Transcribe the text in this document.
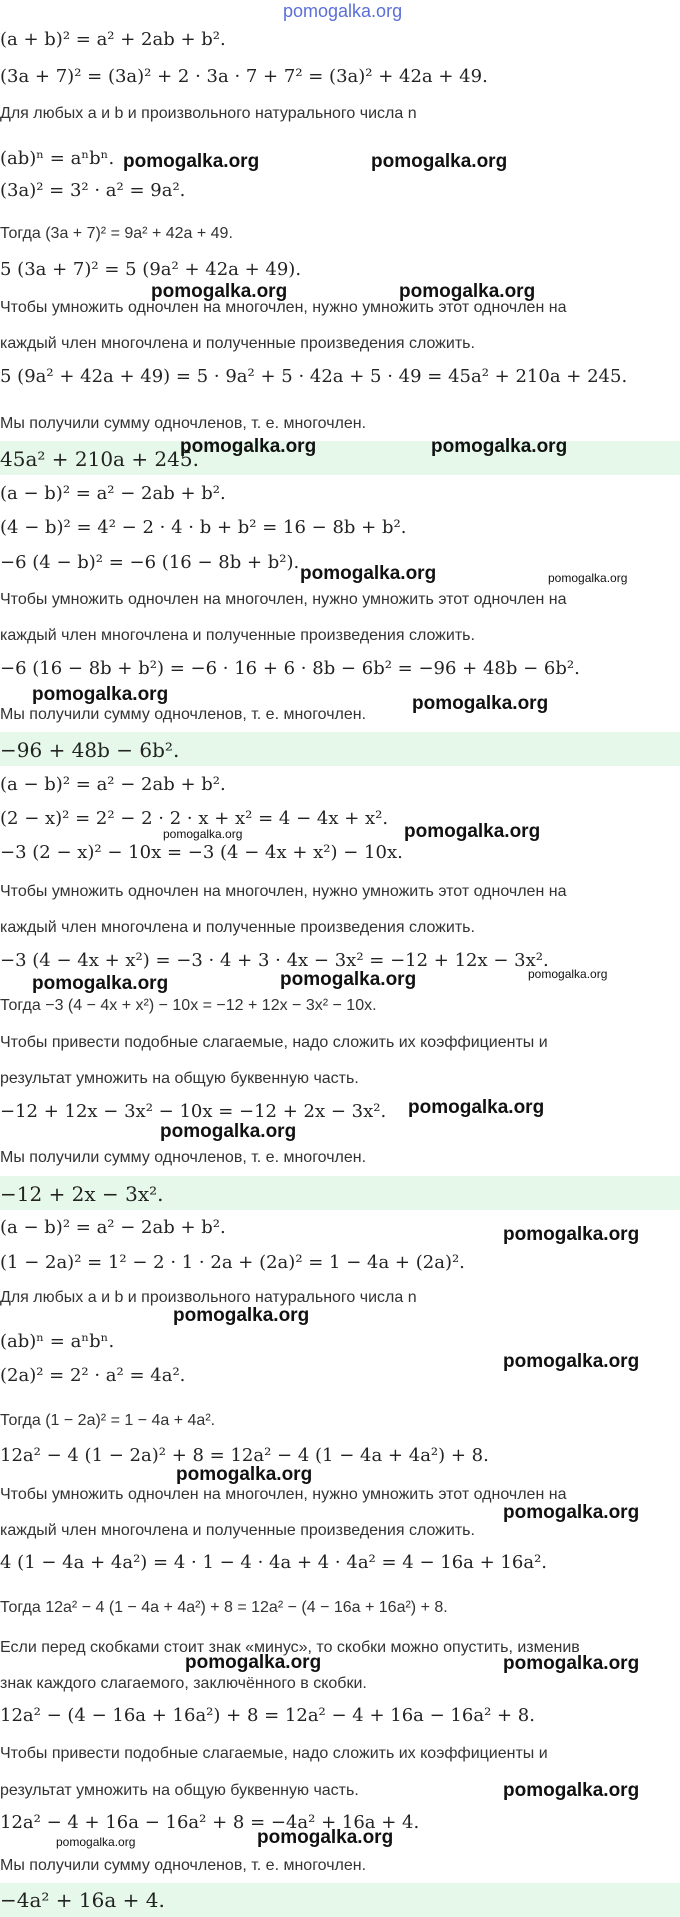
pomogalka.org
(a + b)² = a² + 2ab + b².
(3a + 7)² = (3a)² + 2 · 3a · 7 + 7² = (3a)² + 42a + 49.
Для любых a и b и произвольного натурального числа n
(ab)ⁿ = aⁿbⁿ.
(3a)² = 3² · a² = 9a².
Тогда (3a + 7)² = 9a² + 42a + 49.
5 (3a + 7)² = 5 (9a² + 42a + 49).
Чтобы умножить одночлен на многочлен, нужно умножить этот одночлен на
каждый член многочлена и полученные произведения сложить.
5 (9a² + 42a + 49) = 5 · 9a² + 5 · 42a + 5 · 49 = 45a² + 210a + 245.
Мы получили сумму одночленов, т. е. многочлен.
45a² + 210a + 245.
(a − b)² = a² − 2ab + b².
(4 − b)² = 4² − 2 · 4 · b + b² = 16 − 8b + b².
−6 (4 − b)² = −6 (16 − 8b + b²).
Чтобы умножить одночлен на многочлен, нужно умножить этот одночлен на
каждый член многочлена и полученные произведения сложить.
−6 (16 − 8b + b²) = −6 · 16 + 6 · 8b − 6b² = −96 + 48b − 6b².
Мы получили сумму одночленов, т. е. многочлен.
−96 + 48b − 6b².
(a − b)² = a² − 2ab + b².
(2 − x)² = 2² − 2 · 2 · x + x² = 4 − 4x + x².
−3 (2 − x)² − 10x = −3 (4 − 4x + x²) − 10x.
Чтобы умножить одночлен на многочлен, нужно умножить этот одночлен на
каждый член многочлена и полученные произведения сложить.
−3 (4 − 4x + x²) = −3 · 4 + 3 · 4x − 3x² = −12 + 12x − 3x².
Тогда −3 (4 − 4x + x²) − 10x = −12 + 12x − 3x² − 10x.
Чтобы привести подобные слагаемые, надо сложить их коэффициенты и
результат умножить на общую буквенную часть.
−12 + 12x − 3x² − 10x = −12 + 2x − 3x².
Мы получили сумму одночленов, т. е. многочлен.
−12 + 2x − 3x².
(a − b)² = a² − 2ab + b².
(1 − 2a)² = 1² − 2 · 1 · 2a + (2a)² = 1 − 4a + (2a)².
Для любых a и b и произвольного натурального числа n
(ab)ⁿ = aⁿbⁿ.
(2a)² = 2² · a² = 4a².
Тогда (1 − 2a)² = 1 − 4a + 4a².
12a² − 4 (1 − 2a)² + 8 = 12a² − 4 (1 − 4a + 4a²) + 8.
Чтобы умножить одночлен на многочлен, нужно умножить этот одночлен на
каждый член многочлена и полученные произведения сложить.
4 (1 − 4a + 4a²) = 4 · 1 − 4 · 4a + 4 · 4a² = 4 − 16a + 16a².
Тогда 12a² − 4 (1 − 4a + 4a²) + 8 = 12a² − (4 − 16a + 16a²) + 8.
Если перед скобками стоит знак «минус», то скобки можно опустить, изменив
знак каждого слагаемого, заключённого в скобки.
12a² − (4 − 16a + 16a²) + 8 = 12a² − 4 + 16a − 16a² + 8.
Чтобы привести подобные слагаемые, надо сложить их коэффициенты и
результат умножить на общую буквенную часть.
12a² − 4 + 16a − 16a² + 8 = −4a² + 16a + 4.
Мы получили сумму одночленов, т. е. многочлен.
−4a² + 16a + 4.
pomogalka.org	pomogalka.org
pomogalka.org	pomogalka.org
pomogalka.org	pomogalka.org
pomogalka.org	pomogalka.org
pomogalka.org	pomogalka.org
pomogalka.org	pomogalka.org
pomogalka.org	pomogalka.org	pomogalka.org
pomogalka.org
pomogalka.org
pomogalka.org
pomogalka.org
pomogalka.org
pomogalka.org
pomogalka.org
pomogalka.org	pomogalka.org
pomogalka.org
pomogalka.org	pomogalka.org
